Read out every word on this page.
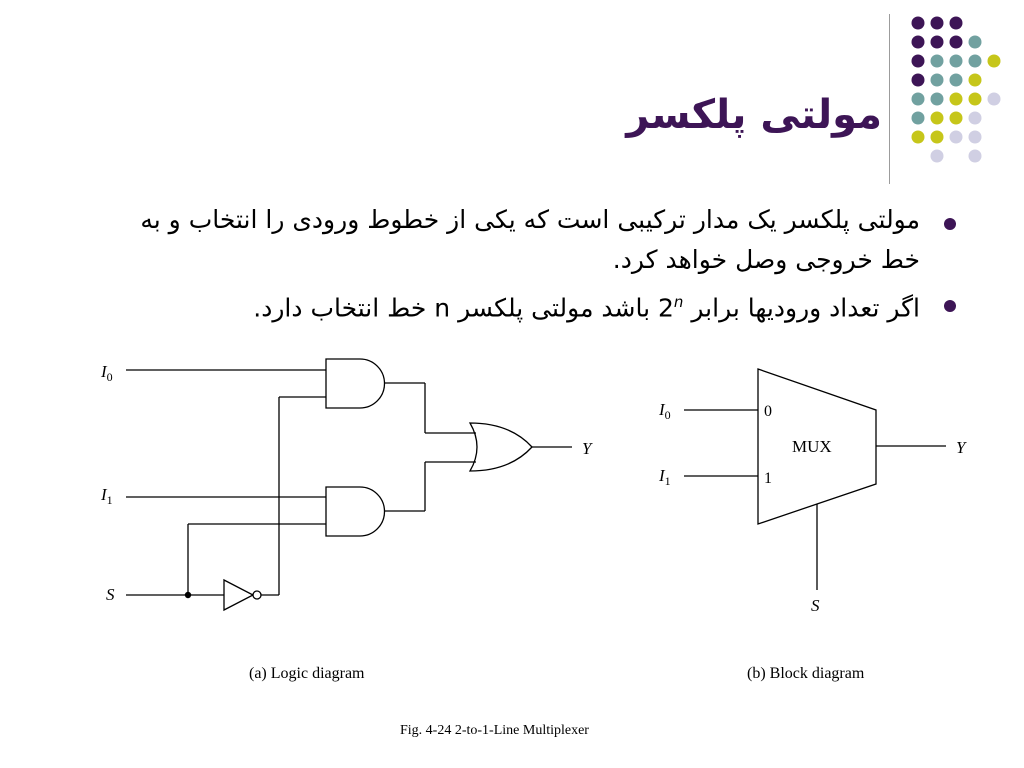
مولتی پلکسر
مولتی پلکسر یک مدار ترکیبی است که یکی از خطوط ورودی را انتخاب و به خط خروجی وصل خواهد کرد.
اگر تعداد وروديها برابر 2$^n$ باشد مولتی پلکسر n خط انتخاب دارد.
$I_0$
$I_1$
S
Y
$I_0$
$I_1$
0
1
MUX	Y
S
(a) Logic diagram	(b) Block diagram
Fig. 4-24 2-to-1-Line Multiplexer
